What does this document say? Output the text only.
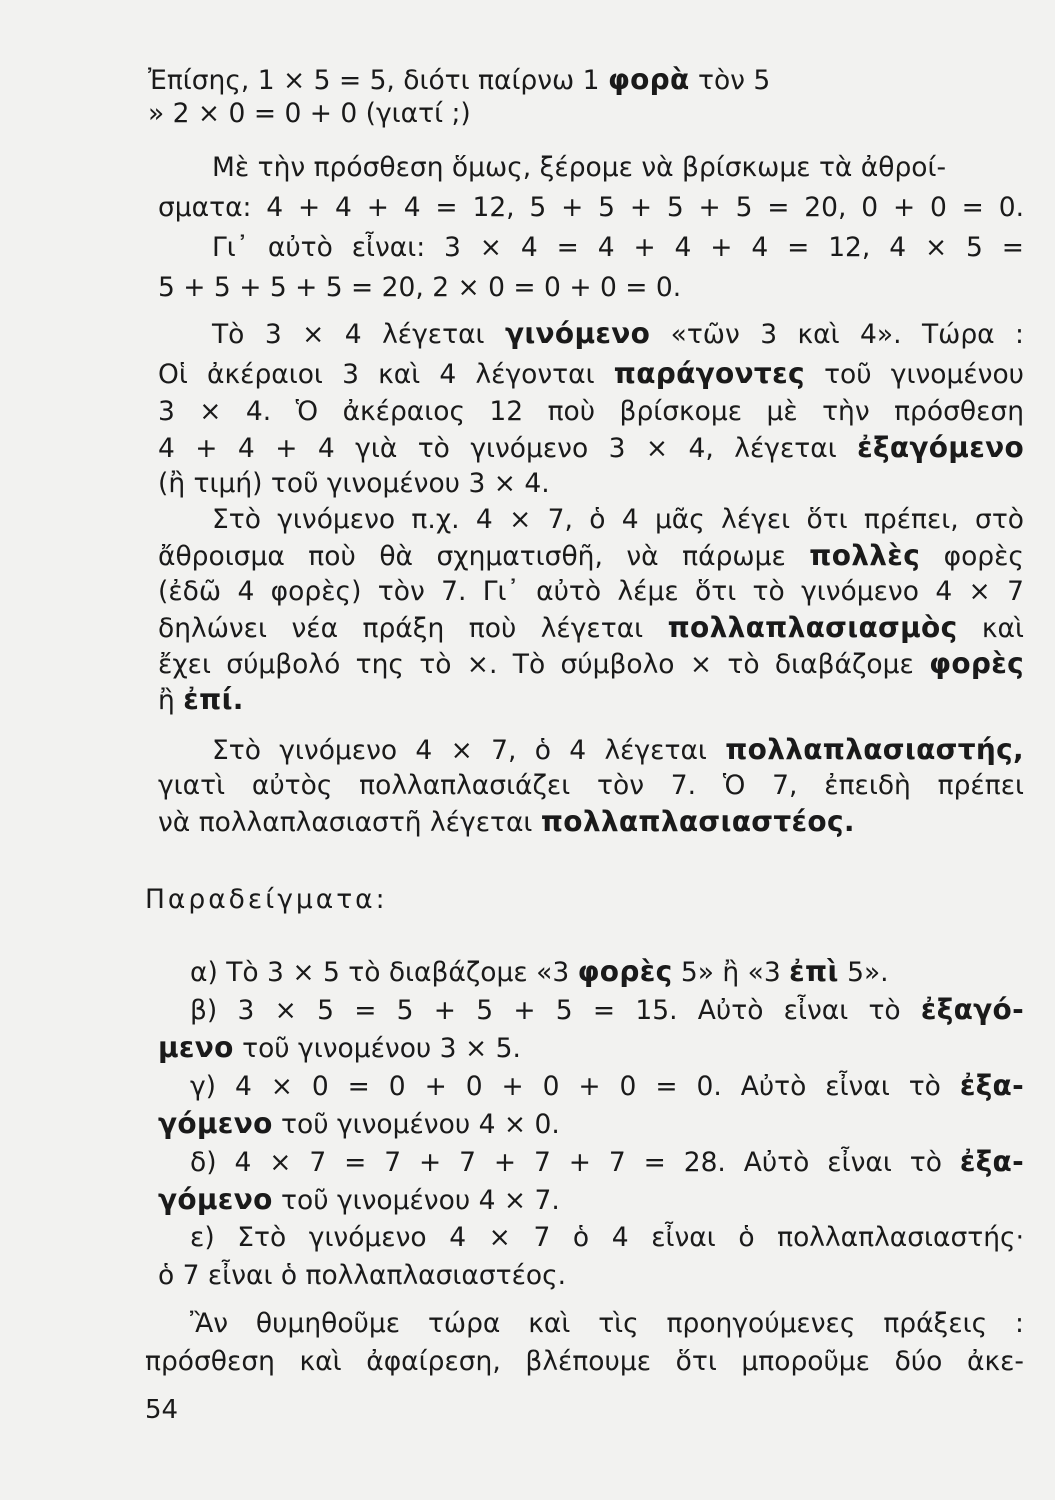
Ἐπίσης, 1 × 5 = 5, διότι παίρνω 1 φορὰ τὸν 5
» 2 × 0 = 0 + 0 (γιατί ;)
Μὲ τὴν πρόσθεση ὅμως, ξέρομε νὰ βρίσκωμε τὰ ἀθροί-
σματα: 4 + 4 + 4 = 12, 5 + 5 + 5 + 5 = 20, 0 + 0 = 0.
Γι᾽ αὐτὸ εἶναι: 3 × 4 = 4 + 4 + 4 = 12, 4 × 5 =
5 + 5 + 5 + 5 = 20, 2 × 0 = 0 + 0 = 0.
Τὸ 3 × 4 λέγεται γινόμενο «τῶν 3 καὶ 4». Τώρα :
Οἱ ἀκέραιοι 3 καὶ 4 λέγονται παράγοντες τοῦ γινομένου
3 × 4. Ὁ ἀκέραιος 12 ποὺ βρίσκομε μὲ τὴν πρόσθεση
4 + 4 + 4 γιὰ τὸ γινόμενο 3 × 4, λέγεται ἐξαγόμενο
(ἢ τιμή) τοῦ γινομένου 3 × 4.
Στὸ γινόμενο π.χ. 4 × 7, ὁ 4 μᾶς λέγει ὅτι πρέπει, στὸ
ἄθροισμα ποὺ θὰ σχηματισθῆ, νὰ πάρωμε πολλὲς φορὲς
(ἐδῶ 4 φορὲς) τὸν 7. Γι᾽ αὐτὸ λέμε ὅτι τὸ γινόμενο 4 × 7
δηλώνει νέα πράξη ποὺ λέγεται πολλαπλασιασμὸς καὶ
ἔχει σύμβολό της τὸ ×. Τὸ σύμβολο × τὸ διαβάζομε φορὲς
ἢ ἐπί.
Στὸ γινόμενο 4 × 7, ὁ 4 λέγεται πολλαπλασιαστής,
γιατὶ αὐτὸς πολλαπλασιάζει τὸν 7. Ὁ 7, ἐπειδὴ πρέπει
νὰ πολλαπλασιαστῆ λέγεται πολλαπλασιαστέος.
Παραδείγματα:
α) Τὸ 3 × 5 τὸ διαβάζομε «3 φορὲς 5» ἢ «3 ἐπὶ 5».
β) 3 × 5 = 5 + 5 + 5 = 15. Αὐτὸ εἶναι τὸ ἐξαγό-
μενο τοῦ γινομένου 3 × 5.
γ) 4 × 0 = 0 + 0 + 0 + 0 = 0. Αὐτὸ εἶναι τὸ ἐξα-
γόμενο τοῦ γινομένου 4 × 0.
δ) 4 × 7 = 7 + 7 + 7 + 7 = 28. Αὐτὸ εἶναι τὸ ἐξα-
γόμενο τοῦ γινομένου 4 × 7.
ε) Στὸ γινόμενο 4 × 7 ὁ 4 εἶναι ὁ πολλαπλασιαστής·
ὁ 7 εἶναι ὁ πολλαπλασιαστέος.
Ἂν θυμηθοῦμε τώρα καὶ τὶς προηγούμενες πράξεις :
πρόσθεση καὶ ἀφαίρεση, βλέπουμε ὅτι μποροῦμε δύο ἀκε-
54
